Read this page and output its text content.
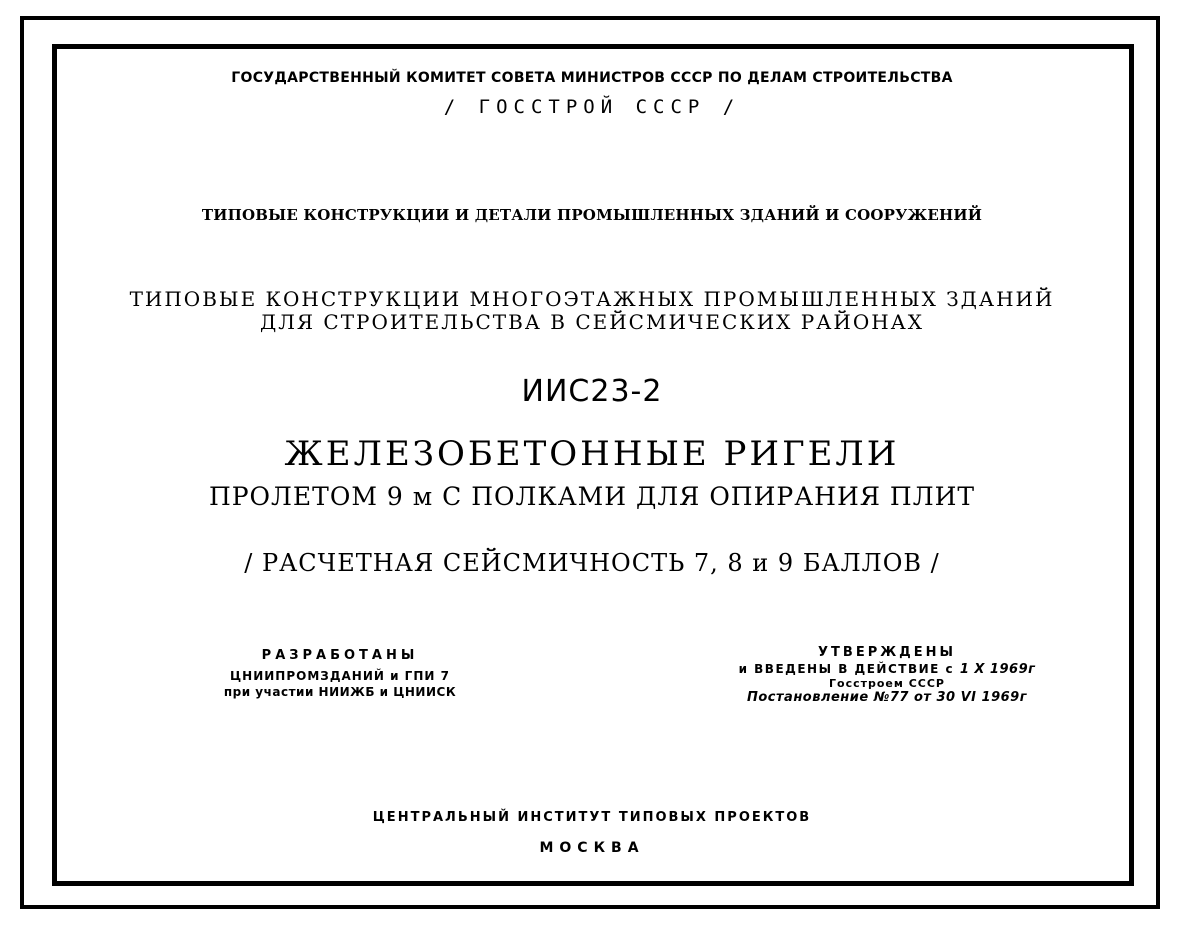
ГОСУДАРСТВЕННЫЙ КОМИТЕТ СОВЕТА МИНИСТРОВ СССР ПО ДЕЛАМ СТРОИТЕЛЬСТВА
/ ГОССТРОЙ СССР /
ТИПОВЫЕ КОНСТРУКЦИИ И ДЕТАЛИ ПРОМЫШЛЕННЫХ ЗДАНИЙ И СООРУЖЕНИЙ
ТИПОВЫЕ КОНСТРУКЦИИ МНОГОЭТАЖНЫХ ПРОМЫШЛЕННЫХ ЗДАНИЙ
ДЛЯ СТРОИТЕЛЬСТВА В СЕЙСМИЧЕСКИХ РАЙОНАХ
ИИС23-2
ЖЕЛЕЗОБЕТОННЫЕ РИГЕЛИ
ПРОЛЕТОМ 9 м С ПОЛКАМИ ДЛЯ ОПИРАНИЯ ПЛИТ
/ РАСЧЕТНАЯ СЕЙСМИЧНОСТЬ 7, 8 и 9 БАЛЛОВ /
РАЗРАБОТАНЫ
ЦНИИПРОМЗДАНИЙ и ГПИ 7
при участии НИИЖБ и ЦНИИСК
УТВЕРЖДЕНЫ
и ВВЕДЕНЫ В ДЕЙСТВИЕ с 1 X 1969г
Госстроем СССР
Постановление №77 от 30 VI 1969г
ЦЕНТРАЛЬНЫЙ ИНСТИТУТ ТИПОВЫХ ПРОЕКТОВ
МОСКВА
